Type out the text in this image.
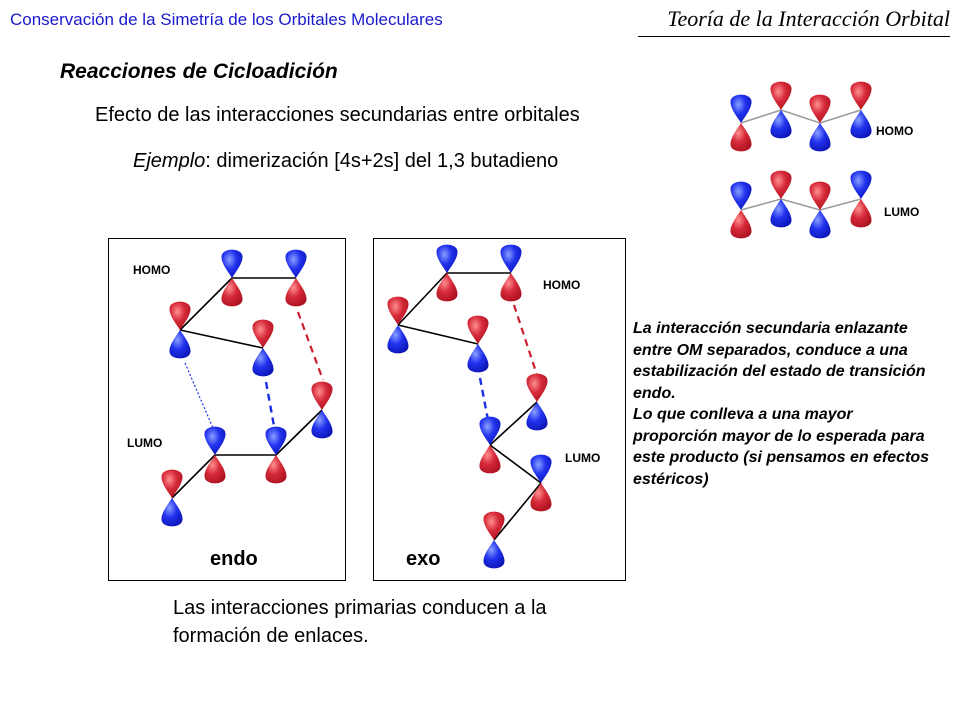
Conservación de la Simetría de los Orbitales Moleculares	Teoría de la Interacción Orbital
Reacciones de Cicloadición
Efecto de las interacciones secundarias entre orbitales
Ejemplo: dimerización [4s+2s] del 1,3 butadieno
HOMO
LUMO
HOMO
LUMO
endo
HOMO
LUMO
exo

La interacción secundaria enlazante entre OM separados, conduce a una estabilización del estado de transición endo.

Lo que conlleva a una mayor proporción mayor de lo esperada para este producto (si pensamos en efectos estéricos)

Las interacciones primarias conducen a la formación de enlaces.
